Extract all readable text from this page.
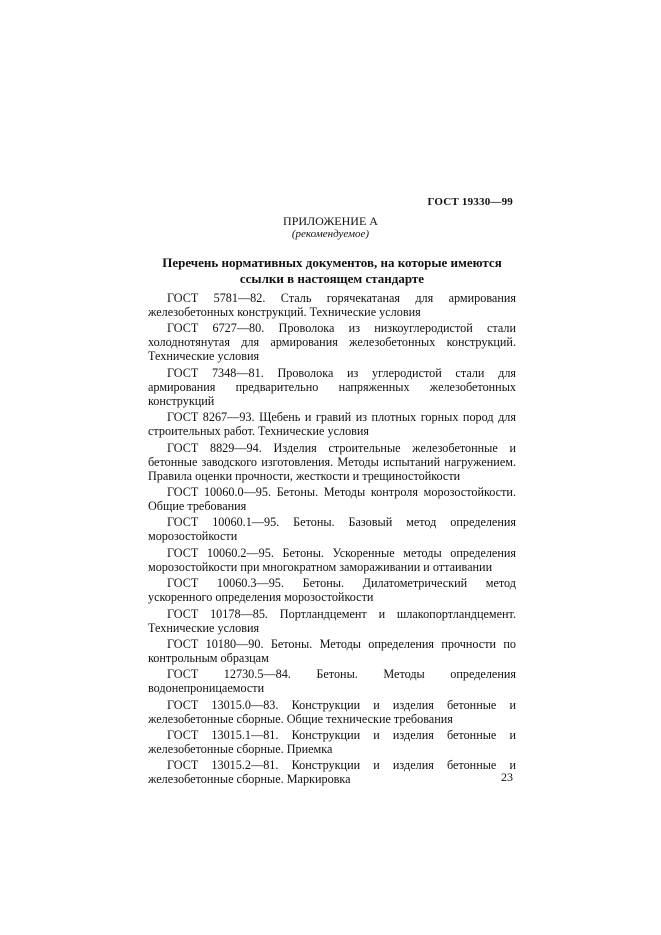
ГОСТ 19330—99
ПРИЛОЖЕНИЕ А
(рекомендуемое)
Перечень нормативных документов, на которые имеются ссылки в настоящем стандарте

ГОСТ 5781—82. Сталь горячекатаная для армирования железобетонных конструкций. Технические условия

ГОСТ 6727—80. Проволока из низкоуглеродистой стали холоднотянутая для армирования железобетонных конструкций. Технические условия

ГОСТ 7348—81. Проволока из углеродистой стали для армирования предварительно напряженных железобетонных конструкций

ГОСТ 8267—93. Щебень и гравий из плотных горных пород для строительных работ. Технические условия

ГОСТ 8829—94. Изделия строительные железобетонные и бетонные заводского изготовления. Методы испытаний нагружением. Правила оценки прочности, жесткости и трещиностойкости

ГОСТ 10060.0—95. Бетоны. Методы контроля морозостойкости. Общие требования

ГОСТ 10060.1—95. Бетоны. Базовый метод определения морозостойкости

ГОСТ 10060.2—95. Бетоны. Ускоренные методы определения морозостойкости при многократном замораживании и оттаивании

ГОСТ 10060.3—95. Бетоны. Дилатометрический метод ускоренного определения морозостойкости

ГОСТ 10178—85. Портландцемент и шлакопортландцемент. Технические условия

ГОСТ 10180—90. Бетоны. Методы определения прочности по контрольным образцам

ГОСТ 12730.5—84. Бетоны. Методы определения водонепроницаемости

ГОСТ 13015.0—83. Конструкции и изделия бетонные и железобетонные сборные. Общие технические требования

ГОСТ 13015.1—81. Конструкции и изделия бетонные и железобетонные сборные. Приемка

ГОСТ 13015.2—81. Конструкции и изделия бетонные и железобетонные сборные. Маркировка	23
